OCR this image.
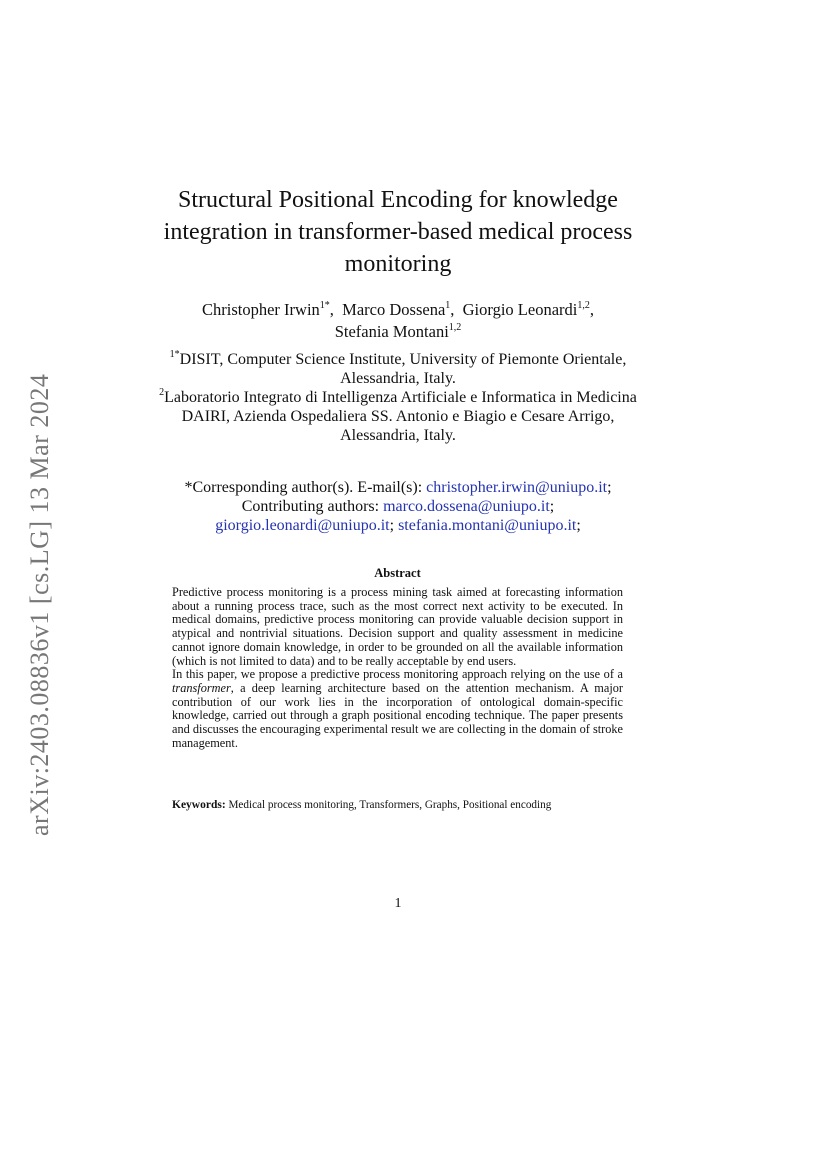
arXiv:2403.08836v1 [cs.LG] 13 Mar 2024
Structural Positional Encoding for knowledge integration in transformer-based medical process monitoring
Christopher Irwin$^{1*}$,  Marco Dossena$^1$,  Giorgio Leonardi$^{1,2}$,
Stefania Montani$^{1,2}$
$^{1*}$DISIT, Computer Science Institute, University of Piemonte Orientale, Alessandria, Italy.
$^2$Laboratorio Integrato di Intelligenza Artificiale e Informatica in Medicina DAIRI, Azienda Ospedaliera SS. Antonio e Biagio e Cesare Arrigo, Alessandria, Italy.
*Corresponding author(s). E-mail(s): christopher.irwin@uniupo.it;
Contributing authors: marco.dossena@uniupo.it;
giorgio.leonardi@uniupo.it; stefania.montani@uniupo.it;
Abstract

Predictive process monitoring is a process mining task aimed at forecasting information about a running process trace, such as the most correct next activity to be executed. In medical domains, predictive process monitoring can provide valuable decision support in atypical and nontrivial situations. Decision support and quality assessment in medicine cannot ignore domain knowledge, in order to be grounded on all the available information (which is not limited to data) and to be really acceptable by end users.

In this paper, we propose a predictive process monitoring approach relying on the use of a transformer, a deep learning architecture based on the attention mechanism. A major contribution of our work lies in the incorporation of ontological domain-specific knowledge, carried out through a graph positional encoding technique. The paper presents and discusses the encouraging experimental result we are collecting in the domain of stroke management.

Keywords: Medical process monitoring, Transformers, Graphs, Positional encoding
1
